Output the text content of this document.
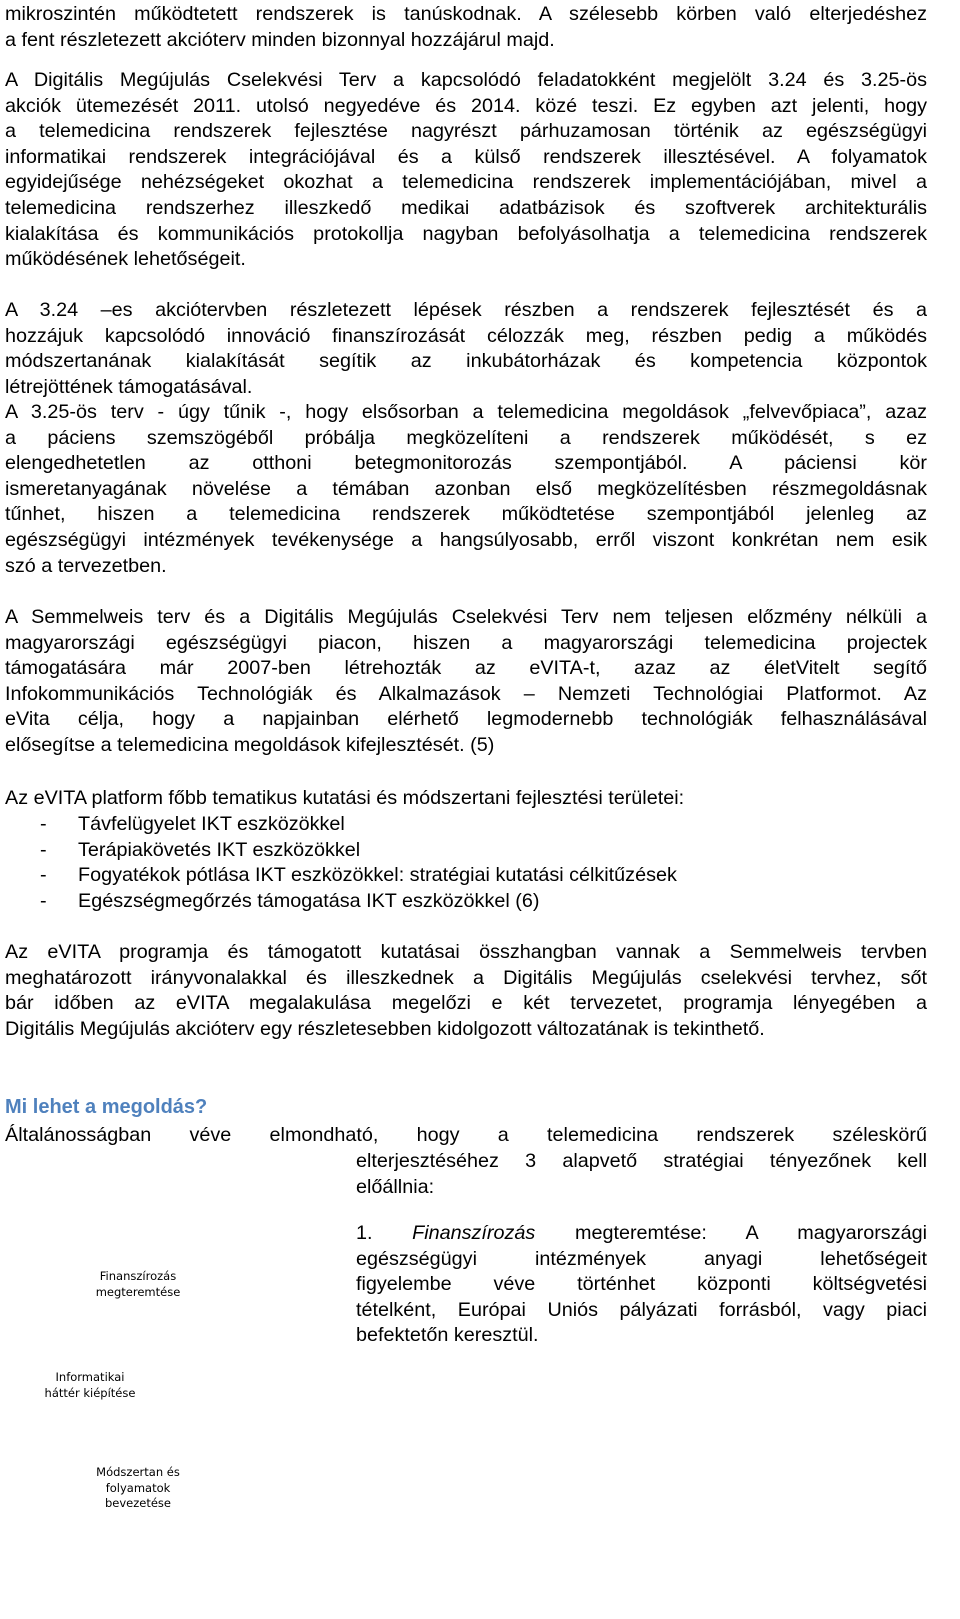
mikroszintén működtetett rendszerek is tanúskodnak. A szélesebb körben való elterjedéshez
a fent részletezett akcióterv minden bizonnyal hozzájárul majd.
A Digitális Megújulás Cselekvési Terv a kapcsolódó feladatokként megjelölt 3.24 és 3.25-ös
akciók ütemezését 2011. utolsó negyedéve és 2014. közé teszi. Ez egyben azt jelenti, hogy
a telemedicina rendszerek fejlesztése nagyrészt párhuzamosan történik az egészségügyi
informatikai rendszerek integrációjával és a külső rendszerek illesztésével. A folyamatok
egyidejűsége nehézségeket okozhat a telemedicina rendszerek implementációjában, mivel a
telemedicina rendszerhez illeszkedő medikai adatbázisok és szoftverek architekturális
kialakítása és kommunikációs protokollja nagyban befolyásolhatja a telemedicina rendszerek
működésének lehetőségeit.
A 3.24 –es akciótervben részletezett lépések részben a rendszerek fejlesztését és a
hozzájuk kapcsolódó innováció finanszírozását célozzák meg, részben pedig a működés
módszertanának kialakítását segítik az inkubátorházak és kompetencia központok
létrejöttének támogatásával.
A 3.25-ös terv - úgy tűnik -, hogy elsősorban a telemedicina megoldások „felvevőpiaca”, azaz
a páciens szemszögéből próbálja megközelíteni a rendszerek működését, s ez
elengedhetetlen az otthoni betegmonitorozás szempontjából. A páciensi kör
ismeretanyagának növelése a témában azonban első megközelítésben részmegoldásnak
tűnhet, hiszen a telemedicina rendszerek működtetése szempontjából jelenleg az
egészségügyi intézmények tevékenysége a hangsúlyosabb, erről viszont konkrétan nem esik
szó a tervezetben.
A Semmelweis terv és a Digitális Megújulás Cselekvési Terv nem teljesen előzmény nélküli a
magyarországi egészségügyi piacon, hiszen a magyarországi telemedicina projectek
támogatására már 2007-ben létrehozták az eVITA-t, azaz az életVitelt segítő
Infokommunikációs Technológiák és Alkalmazások – Nemzeti Technológiai Platformot. Az
eVita célja, hogy a napjainban elérhető legmodernebb technológiák felhasználásával
elősegítse a telemedicina megoldások kifejlesztését. (5)
Az eVITA platform főbb tematikus kutatási és módszertani fejlesztési területei:
- Távfelügyelet IKT eszközökkel
- Terápiakövetés IKT eszközökkel
- Fogyatékok pótlása IKT eszközökkel: stratégiai kutatási célkitűzések
- Egészségmegőrzés támogatása IKT eszközökkel (6)
Az eVITA programja és támogatott kutatásai összhangban vannak a Semmelweis tervben
meghatározott irányvonalakkal és illeszkednek a Digitális Megújulás cselekvési tervhez, sőt
bár időben az eVITA megalakulása megelőzi e két tervezetet, programja lényegében a
Digitális Megújulás akcióterv egy részletesebben kidolgozott változatának is tekinthető.
Mi lehet a megoldás?
Általánosságban véve elmondható, hogy a telemedicina rendszerek széleskörű
elterjesztéséhez 3 alapvető stratégiai tényezőnek kell
előállnia:
1. Finanszírozás megteremtése: A magyarországi
egészségügyi intézmények anyagi lehetőségeit
figyelembe véve történhet központi költségvetési
tételként, Európai Uniós pályázati forrásból, vagy piaci
befektetőn keresztül.
Finanszírozás
megteremtése
Informatikai
háttér kiépítése
Módszertan és
folyamatok
bevezetése
